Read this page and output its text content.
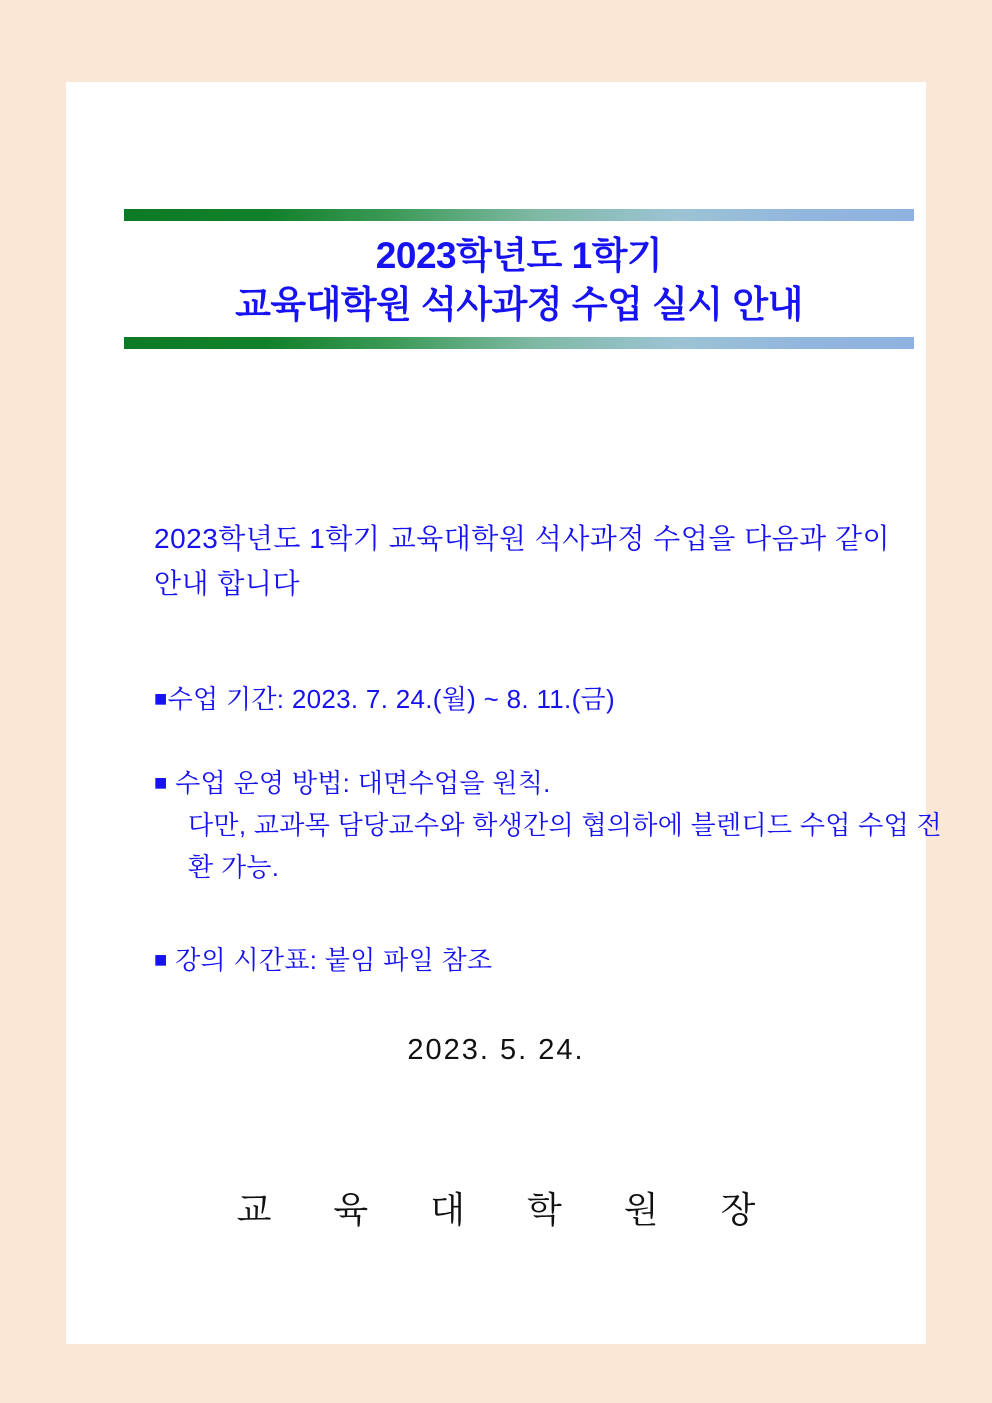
2023학년도 1학기
교육대학원 석사과정 수업 실시 안내
2023학년도 1학기 교육대학원 석사과정 수업을 다음과 같이 안내 합니다
■수업 기간: 2023. 7. 24.(월) ~ 8. 11.(금)
■ 수업 운영 방법: 대면수업을 원칙.
다만, 교과목 담당교수와 학생간의 협의하에 블렌디드 수업 수업 전환 가능.
■ 강의 시간표: 붙임 파일 참조
2023. 5. 24.
교 육 대 학 원 장
